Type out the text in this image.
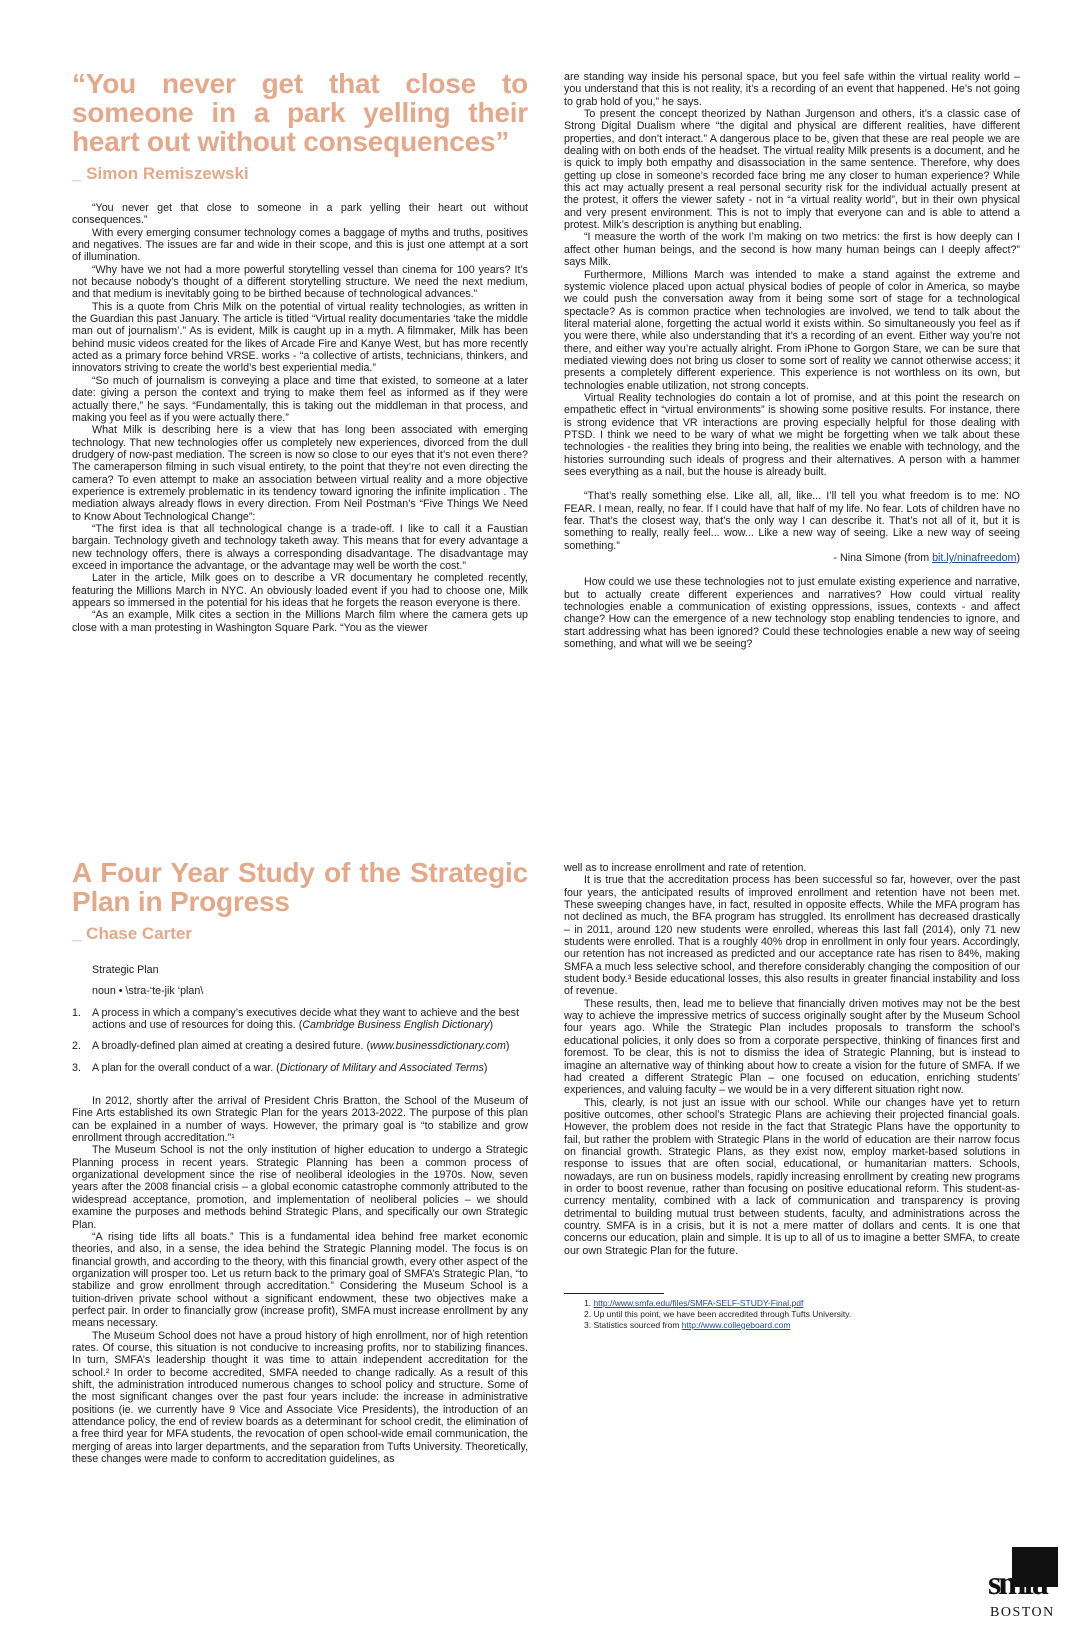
“You never get that close to someone in a park yelling their heart out without consequences”
_ Simon Remiszewski

“You never get that close to someone in a park yelling their heart out without consequences.”

With every emerging consumer technology comes a baggage of myths and truths, positives and negatives. The issues are far and wide in their scope, and this is just one attempt at a sort of illumination.

“Why have we not had a more powerful storytelling vessel than cinema for 100 years? It’s not because nobody’s thought of a different storytelling structure. We need the next medium, and that medium is inevitably going to be birthed because of technological advances.”

This is a quote from Chris Milk on the potential of virtual reality technologies, as written in the Guardian this past January. The article is titled “Virtual reality documentaries ‘take the middle man out of journalism’.” As is evident, Milk is caught up in a myth. A filmmaker, Milk has been behind music videos created for the likes of Arcade Fire and Kanye West, but has more recently acted as a primary force behind VRSE. works - “a collective of artists, technicians, thinkers, and innovators striving to create the world’s best experiential media.”

“So much of journalism is conveying a place and time that existed, to someone at a later date: giving a person the context and trying to make them feel as informed as if they were actually there,” he says. “Fundamentally, this is taking out the middleman in that process, and making you feel as if you were actually there.”

What Milk is describing here is a view that has long been associated with emerging technology. That new technologies offer us completely new experiences, divorced from the dull drudgery of now-past mediation. The screen is now so close to our eyes that it’s not even there? The cameraperson filming in such visual entirety, to the point that they’re not even directing the camera? To even attempt to make an association between virtual reality and a more objective experience is extremely problematic in its tendency toward ignoring the infinite implication . The mediation always already flows in every direction. From Neil Postman’s “Five Things We Need to Know About Technological Change”:

“The first idea is that all technological change is a trade-off. I like to call it a Faustian bargain. Technology giveth and technology taketh away. This means that for every advantage a new technology offers, there is always a corresponding disadvantage. The disadvantage may exceed in importance the advantage, or the advantage may well be worth the cost.”

Later in the article, Milk goes on to describe a VR documentary he completed recently, featuring the Millions March in NYC. An obviously loaded event if you had to choose one, Milk appears so immersed in the potential for his ideas that he forgets the reason everyone is there.

“As an example, Milk cites a section in the Millions March film where the camera gets up close with a man protesting in Washington Square Park. “You as the viewer

are standing way inside his personal space, but you feel safe within the virtual reality world – you understand that this is not reality, it’s a recording of an event that happened. He’s not going to grab hold of you,” he says.

To present the concept theorized by Nathan Jurgenson and others, it’s a classic case of Strong Digital Dualism where “the digital and physical are different realities, have different properties, and don’t interact.” A dangerous place to be, given that these are real people we are dealing with on both ends of the headset. The virtual reality Milk presents is a document, and he is quick to imply both empathy and disassociation in the same sentence. Therefore, why does getting up close in someone’s recorded face bring me any closer to human experience? While this act may actually present a real personal security risk for the individual actually present at the protest, it offers the viewer safety - not in “a virtual reality world”, but in their own physical and very present environment. This is not to imply that everyone can and is able to attend a protest. Milk’s description is anything but enabling.

“I measure the worth of the work I’m making on two metrics: the first is how deeply can I affect other human beings, and the second is how many human beings can I deeply affect?” says Milk.

Furthermore, Millions March was intended to make a stand against the extreme and systemic violence placed upon actual physical bodies of people of color in America, so maybe we could push the conversation away from it being some sort of stage for a technological spectacle? As is common practice when technologies are involved, we tend to talk about the literal material alone, forgetting the actual world it exists within. So simultaneously you feel as if you were there, while also understanding that it’s a recording of an event. Either way you’re not there, and either way you’re actually alright. From iPhone to Gorgon Stare, we can be sure that mediated viewing does not bring us closer to some sort of reality we cannot otherwise access; it presents a completely different experience. This experience is not worthless on its own, but technologies enable utilization, not strong concepts.

Virtual Reality technologies do contain a lot of promise, and at this point the research on empathetic effect in “virtual environments” is showing some positive results. For instance, there is strong evidence that VR interactions are proving especially helpful for those dealing with PTSD. I think we need to be wary of what we might be forgetting when we talk about these technologies - the realities they bring into being, the realities we enable with technology, and the histories surrounding such ideals of progress and their alternatives. A person with a hammer sees everything as a nail, but the house is already built.

“That’s really something else. Like all, all, like... I’ll tell you what freedom is to me: NO FEAR. I mean, really, no fear. If I could have that half of my life. No fear. Lots of children have no fear. That’s the closest way, that’s the only way I can describe it. That’s not all of it, but it is something to really, really feel... wow... Like a new way of seeing. Like a new way of seeing something.”

- Nina Simone (from bit.ly/ninafreedom)

How could we use these technologies not to just emulate existing experience and narrative, but to actually create different experiences and narratives? How could virtual reality technologies enable a communication of existing oppressions, issues, contexts - and affect change? How can the emergence of a new technology stop enabling tendencies to ignore, and start addressing what has been ignored? Could these technologies enable a new way of seeing something, and what will we be seeing?

A Four Year Study of the Strategic Plan in Progress
_ Chase Carter

Strategic Plan

noun • \stra-‘te-jik ‘plan\

1. A process in which a company’s executives decide what they want to achieve and the best actions and use of resources for doing this. (Cambridge Business English Dictionary)
2. A broadly-defined plan aimed at creating a desired future. (www.businessdictionary.com)
3. A plan for the overall conduct of a war. (Dictionary of Military and Associated Terms)

In 2012, shortly after the arrival of President Chris Bratton, the School of the Museum of Fine Arts established its own Strategic Plan for the years 2013-2022. The purpose of this plan can be explained in a number of ways. However, the primary goal is “to stabilize and grow enrollment through accreditation.”¹

The Museum School is not the only institution of higher education to undergo a Strategic Planning process in recent years. Strategic Planning has been a common process of organizational development since the rise of neoliberal ideologies in the 1970s. Now, seven years after the 2008 financial crisis – a global economic catastrophe commonly attributed to the widespread acceptance, promotion, and implementation of neoliberal policies – we should examine the purposes and methods behind Strategic Plans, and specifically our own Strategic Plan.

“A rising tide lifts all boats.” This is a fundamental idea behind free market economic theories, and also, in a sense, the idea behind the Strategic Planning model. The focus is on financial growth, and according to the theory, with this financial growth, every other aspect of the organization will prosper too. Let us return back to the primary goal of SMFA’s Strategic Plan, “to stabilize and grow enrollment through accreditation.” Considering the Museum School is a tuition-driven private school without a significant endowment, these two objectives make a perfect pair. In order to financially grow (increase profit), SMFA must increase enrollment by any means necessary.

The Museum School does not have a proud history of high enrollment, nor of high retention rates. Of course, this situation is not conducive to increasing profits, nor to stabilizing finances. In turn, SMFA’s leadership thought it was time to attain independent accreditation for the school.² In order to become accredited, SMFA needed to change radically. As a result of this shift, the administration introduced numerous changes to school policy and structure. Some of the most significant changes over the past four years include: the increase in administrative positions (ie. we currently have 9 Vice and Associate Vice Presidents), the introduction of an attendance policy, the end of review boards as a determinant for school credit, the elimination of a free third year for MFA students, the revocation of open school-wide email communication, the merging of areas into larger departments, and the separation from Tufts University. Theoretically, these changes were made to conform to accreditation guidelines, as

well as to increase enrollment and rate of retention.

It is true that the accreditation process has been successful so far, however, over the past four years, the anticipated results of improved enrollment and retention have not been met. These sweeping changes have, in fact, resulted in opposite effects. While the MFA program has not declined as much, the BFA program has struggled. Its enrollment has decreased drastically – in 2011, around 120 new students were enrolled, whereas this last fall (2014), only 71 new students were enrolled. That is a roughly 40% drop in enrollment in only four years. Accordingly, our retention has not increased as predicted and our acceptance rate has risen to 84%, making SMFA a much less selective school, and therefore considerably changing the composition of our student body.³ Beside educational losses, this also results in greater financial instability and loss of revenue.

These results, then, lead me to believe that financially driven motives may not be the best way to achieve the impressive metrics of success originally sought after by the Museum School four years ago. While the Strategic Plan includes proposals to transform the school’s educational policies, it only does so from a corporate perspective, thinking of finances first and foremost. To be clear, this is not to dismiss the idea of Strategic Planning, but is instead to imagine an alternative way of thinking about how to create a vision for the future of SMFA. If we had created a different Strategic Plan – one focused on education, enriching students’ experiences, and valuing faculty – we would be in a very different situation right now.

This, clearly, is not just an issue with our school. While our changes have yet to return positive outcomes, other school’s Strategic Plans are achieving their projected financial goals. However, the problem does not reside in the fact that Strategic Plans have the opportunity to fail, but rather the problem with Strategic Plans in the world of education are their narrow focus on financial growth. Strategic Plans, as they exist now, employ market-based solutions in response to issues that are often social, educational, or humanitarian matters. Schools, nowadays, are run on business models, rapidly increasing enrollment by creating new programs in order to boost revenue, rather than focusing on positive educational reform. This student-as-currency mentality, combined with a lack of communication and transparency is proving detrimental to building mutual trust between students, faculty, and administrations across the country. SMFA is in a crisis, but it is not a mere matter of dollars and cents. It is one that concerns our education, plain and simple. It is up to all of us to imagine a better SMFA, to create our own Strategic Plan for the future.

1. http://www.smfa.edu/files/SMFA-SELF-STUDY-Final.pdf

2. Up until this point, we have been accredited through Tufts University.

3. Statistics sourced from http://www.collegeboard.com

smfa
BOSTON
